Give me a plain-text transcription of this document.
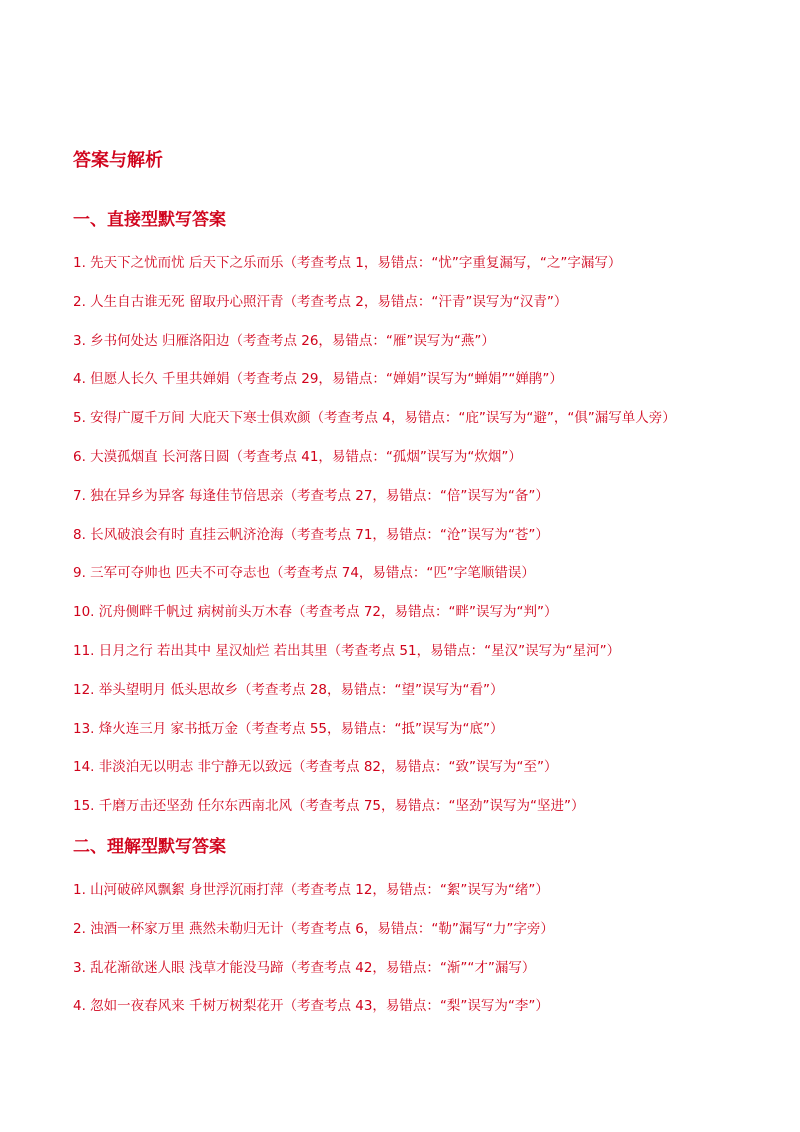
答案与解析
一、直接型默写答案
1. 先天下之忧而忧 后天下之乐而乐（考查考点 1，易错点：“忧”字重复漏写，“之”字漏写）
2. 人生自古谁无死 留取丹心照汗青（考查考点 2，易错点：“汗青”误写为“汉青”）
3. 乡书何处达 归雁洛阳边（考查考点 26，易错点：“雁”误写为“燕”）
4. 但愿人长久 千里共婵娟（考查考点 29，易错点：“婵娟”误写为“蝉娟”“婵鹃”）
5. 安得广厦千万间 大庇天下寒士俱欢颜（考查考点 4，易错点：“庇”误写为“避”，“俱”漏写单人旁）
6. 大漠孤烟直 长河落日圆（考查考点 41，易错点：“孤烟”误写为“炊烟”）
7. 独在异乡为异客 每逢佳节倍思亲（考查考点 27，易错点：“倍”误写为“备”）
8. 长风破浪会有时 直挂云帆济沧海（考查考点 71，易错点：“沧”误写为“苍”）
9. 三军可夺帅也 匹夫不可夺志也（考查考点 74，易错点：“匹”字笔顺错误）
10. 沉舟侧畔千帆过 病树前头万木春（考查考点 72，易错点：“畔”误写为“判”）
11. 日月之行 若出其中 星汉灿烂 若出其里（考查考点 51，易错点：“星汉”误写为“星河”）
12. 举头望明月 低头思故乡（考查考点 28，易错点：“望”误写为“看”）
13. 烽火连三月 家书抵万金（考查考点 55，易错点：“抵”误写为“底”）
14. 非淡泊无以明志 非宁静无以致远（考查考点 82，易错点：“致”误写为“至”）
15. 千磨万击还坚劲 任尔东西南北风（考查考点 75，易错点：“坚劲”误写为“坚进”）
二、理解型默写答案
1. 山河破碎风飘絮 身世浮沉雨打萍（考查考点 12，易错点：“絮”误写为“绪”）
2. 浊酒一杯家万里 燕然未勒归无计（考查考点 6，易错点：“勒”漏写“力”字旁）
3. 乱花渐欲迷人眼 浅草才能没马蹄（考查考点 42，易错点：“渐”“才”漏写）
4. 忽如一夜春风来 千树万树梨花开（考查考点 43，易错点：“梨”误写为“李”）
